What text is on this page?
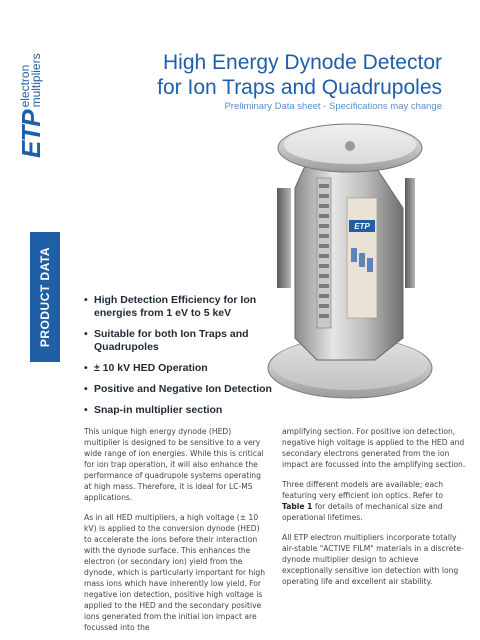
ETP
electron
multipliers
PRODUCT DATA
High Energy Dynode Detector
for Ion Traps and Quadrupoles
Preliminary Data sheet - Specifications may change
ETP
• High Detection Efficiency for Ion energies from 1 eV to 5 keV
• Suitable for both Ion Traps and Quadrupoles
• ± 10 kV HED Operation
• Positive and Negative Ion Detection
• Snap-in multiplier section

This unique high energy dynode (HED) multiplier is designed to be sensitive to a very wide range of ion energies. While this is critical for ion trap operation, it will also enhance the performance of quadrupole systems operating at high mass. Therefore, it is ideal for LC-MS applications.

As in all HED multipliers, a high voltage (± 10 kV) is applied to the conversion dynode (HED) to accelerate the ions before their interaction with the dynode surface. This enhances the electron (or secondary ion) yield from the dynode, which is particularly important for high mass ions which have inherently low yield. For negative ion detection, positive high voltage is applied to the HED and the secondary positive ions generated from the initial ion impact are focussed into the

amplifying section. For positive ion detection, negative high voltage is applied to the HED and secondary electrons generated from the ion impact are focussed into the amplifying section.

Three different models are available; each featuring very efficient ion optics. Refer to Table 1 for details of mechanical size and operational lifetimes.

All ETP electron multipliers incorporate totally air-stable "ACTIVE FILM" materials in a discrete-dynode multiplier design to achieve exceptionally sensitive ion detection with long operating life and excellent air stability.
